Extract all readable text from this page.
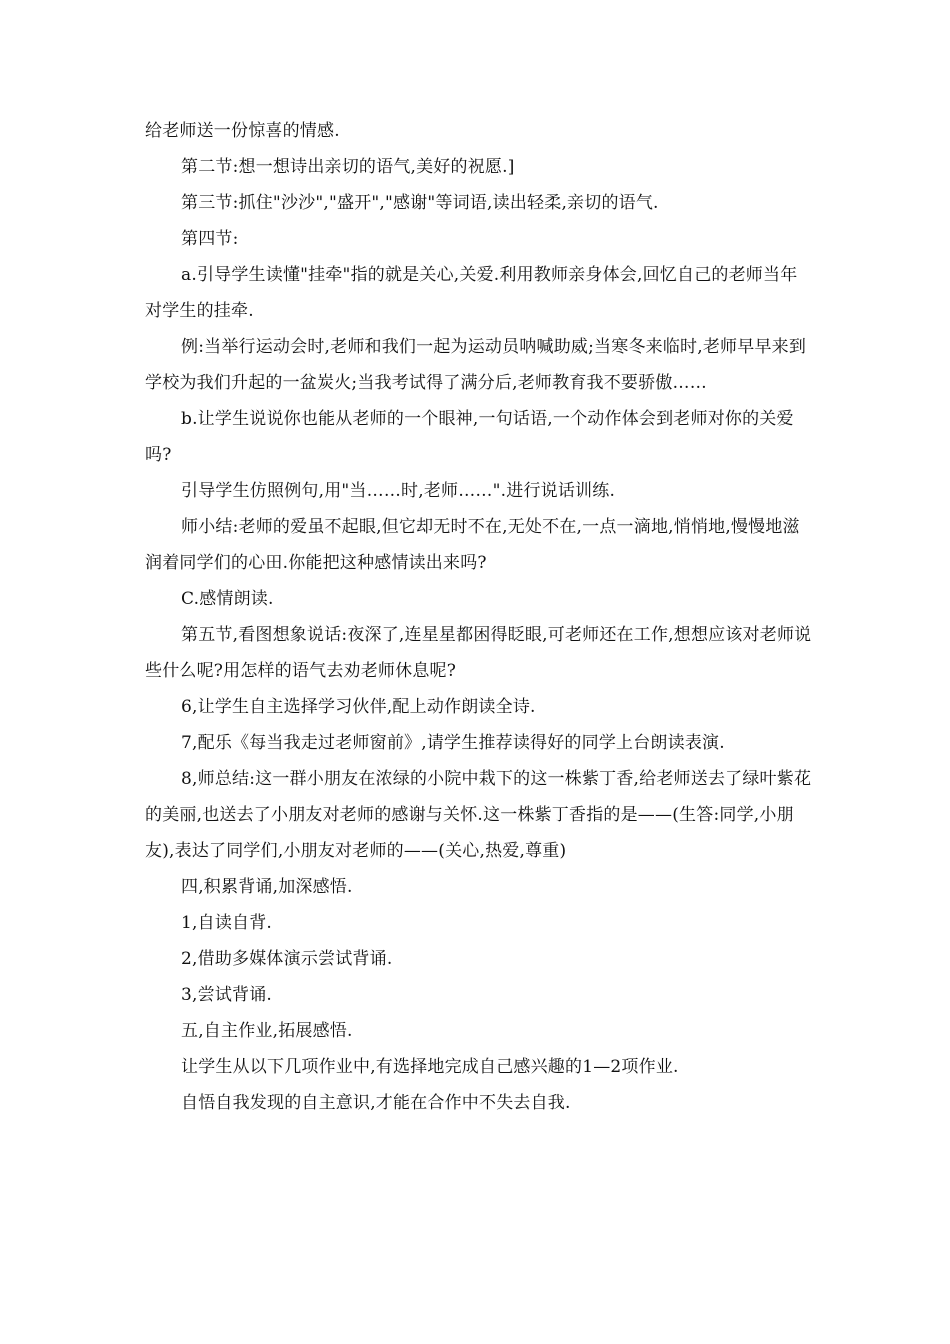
给老师送一份惊喜的情感.

第二节:想一想诗出亲切的语气,美好的祝愿.]

第三节:抓住"沙沙","盛开","感谢"等词语,读出轻柔,亲切的语气.

第四节:

a.引导学生读懂"挂牵"指的就是关心,关爱.利用教师亲身体会,回忆自己的老师当年对学生的挂牵.

例:当举行运动会时,老师和我们一起为运动员呐喊助威;当寒冬来临时,老师早早来到学校为我们升起的一盆炭火;当我考试得了满分后,老师教育我不要骄傲……

b.让学生说说你也能从老师的一个眼神,一句话语,一个动作体会到老师对你的关爱吗?

引导学生仿照例句,用"当……时,老师……".进行说话训练.

师小结:老师的爱虽不起眼,但它却无时不在,无处不在,一点一滴地,悄悄地,慢慢地滋润着同学们的心田.你能把这种感情读出来吗?

C.感情朗读.

第五节,看图想象说话:夜深了,连星星都困得眨眼,可老师还在工作,想想应该对老师说些什么呢?用怎样的语气去劝老师休息呢?

6,让学生自主选择学习伙伴,配上动作朗读全诗.

7,配乐《每当我走过老师窗前》,请学生推荐读得好的同学上台朗读表演.

8,师总结:这一群小朋友在浓绿的小院中栽下的这一株紫丁香,给老师送去了绿叶紫花的美丽,也送去了小朋友对老师的感谢与关怀.这一株紫丁香指的是——(生答:同学,小朋友),表达了同学们,小朋友对老师的——(关心,热爱,尊重)

四,积累背诵,加深感悟.

1,自读自背.

2,借助多媒体演示尝试背诵.

3,尝试背诵.

五,自主作业,拓展感悟.

让学生从以下几项作业中,有选择地完成自己感兴趣的1—2项作业.

自悟自我发现的自主意识,才能在合作中不失去自我.
